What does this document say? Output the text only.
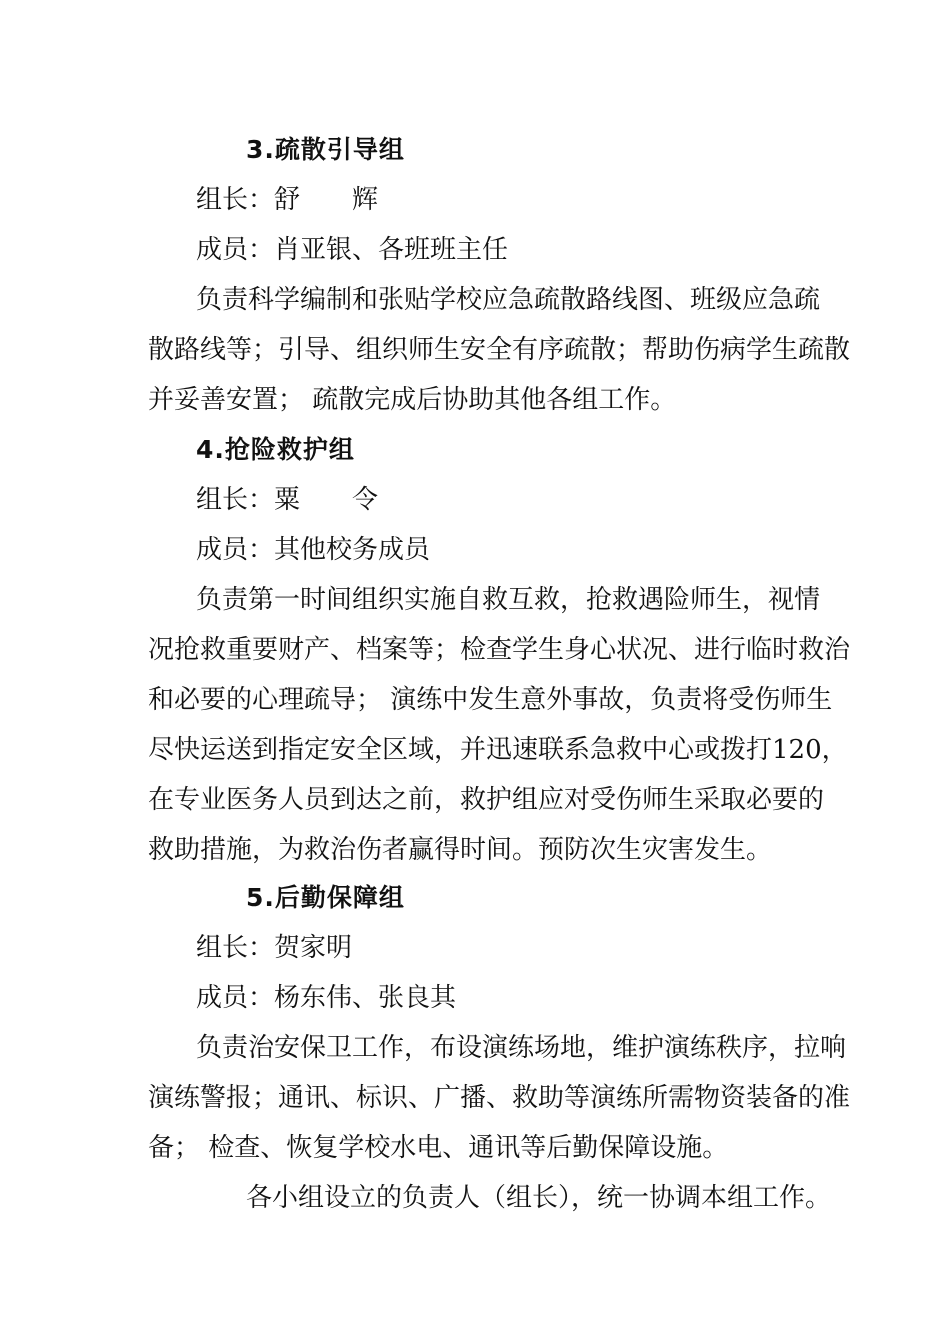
3.疏散引导组
组长：舒 辉
成员：肖亚银、各班班主任
负责科学编制和张贴学校应急疏散路线图、班级应急疏
散路线等；引导、组织师生安全有序疏散；帮助伤病学生疏散
并妥善安置； 疏散完成后协助其他各组工作。
4.抢险救护组
组长：粟 令
成员：其他校务成员
负责第一时间组织实施自救互救，抢救遇险师生，视情
况抢救重要财产、档案等；检查学生身心状况、进行临时救治
和必要的心理疏导； 演练中发生意外事故，负责将受伤师生
尽快运送到指定安全区域，并迅速联系急救中心或拨打120，
在专业医务人员到达之前，救护组应对受伤师生采取必要的
救助措施，为救治伤者赢得时间。预防次生灾害发生。
5.后勤保障组
组长：贺家明
成员：杨东伟、张良其
负责治安保卫工作，布设演练场地，维护演练秩序，拉响
演练警报；通讯、标识、广播、救助等演练所需物资装备的准
备； 检查、恢复学校水电、通讯等后勤保障设施。
各小组设立的负责人（组长），统一协调本组工作。
